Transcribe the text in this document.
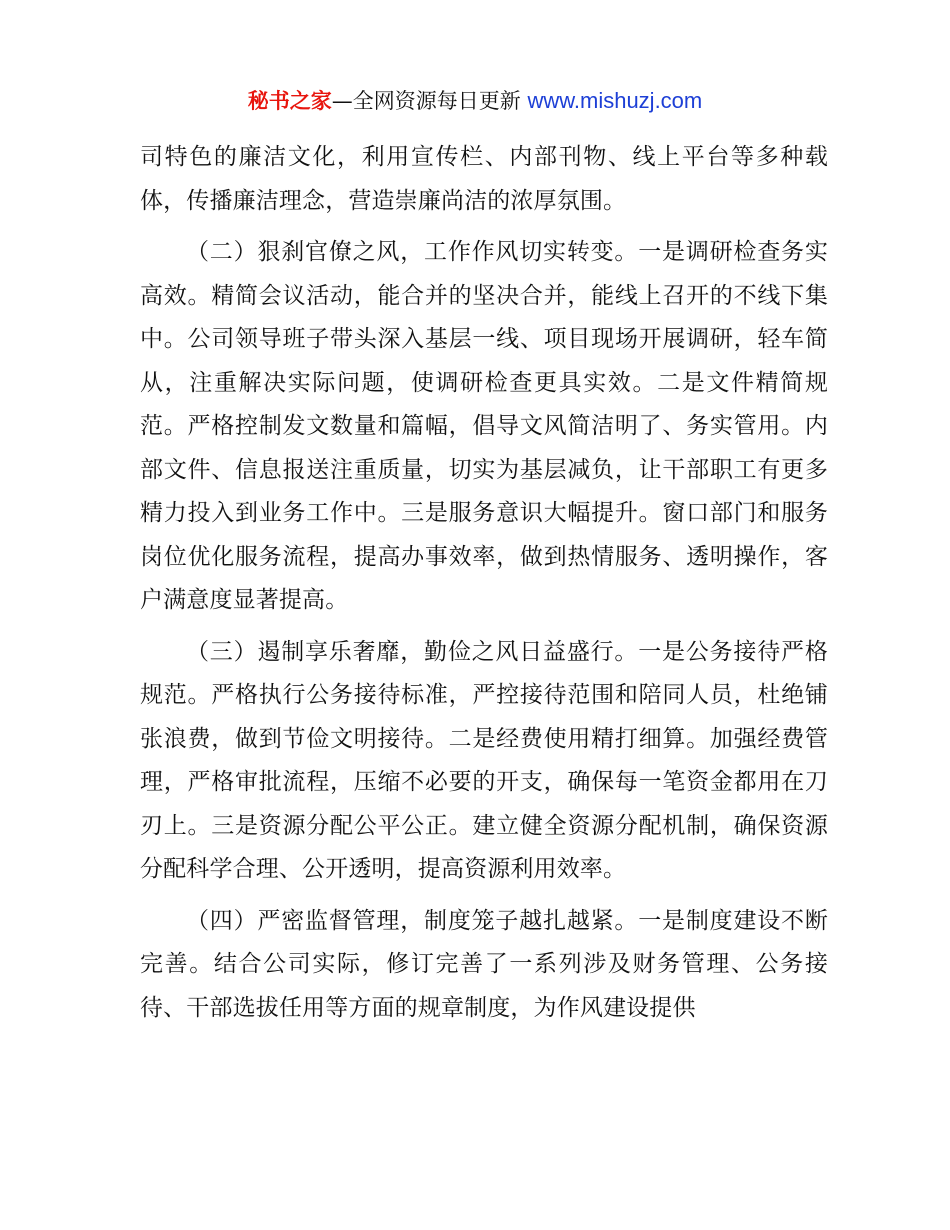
秘书之家—全网资源每日更新 www.mishuzj.com

司特色的廉洁文化，利用宣传栏、内部刊物、线上平台等多种载体，传播廉洁理念，营造崇廉尚洁的浓厚氛围。

（二）狠刹官僚之风，工作作风切实转变。一是调研检查务实高效。精简会议活动，能合并的坚决合并，能线上召开的不线下集中。公司领导班子带头深入基层一线、项目现场开展调研，轻车简从，注重解决实际问题，使调研检查更具实效。二是文件精简规范。严格控制发文数量和篇幅，倡导文风简洁明了、务实管用。内部文件、信息报送注重质量，切实为基层减负，让干部职工有更多精力投入到业务工作中。三是服务意识大幅提升。窗口部门和服务岗位优化服务流程，提高办事效率，做到热情服务、透明操作，客户满意度显著提高。

（三）遏制享乐奢靡，勤俭之风日益盛行。一是公务接待严格规范。严格执行公务接待标准，严控接待范围和陪同人员，杜绝铺张浪费，做到节俭文明接待。二是经费使用精打细算。加强经费管理，严格审批流程，压缩不必要的开支，确保每一笔资金都用在刀刃上。三是资源分配公平公正。建立健全资源分配机制，确保资源分配科学合理、公开透明，提高资源利用效率。

（四）严密监督管理，制度笼子越扎越紧。一是制度建设不断完善。结合公司实际，修订完善了一系列涉及财务管理、公务接待、干部选拔任用等方面的规章制度，为作风建设提供
